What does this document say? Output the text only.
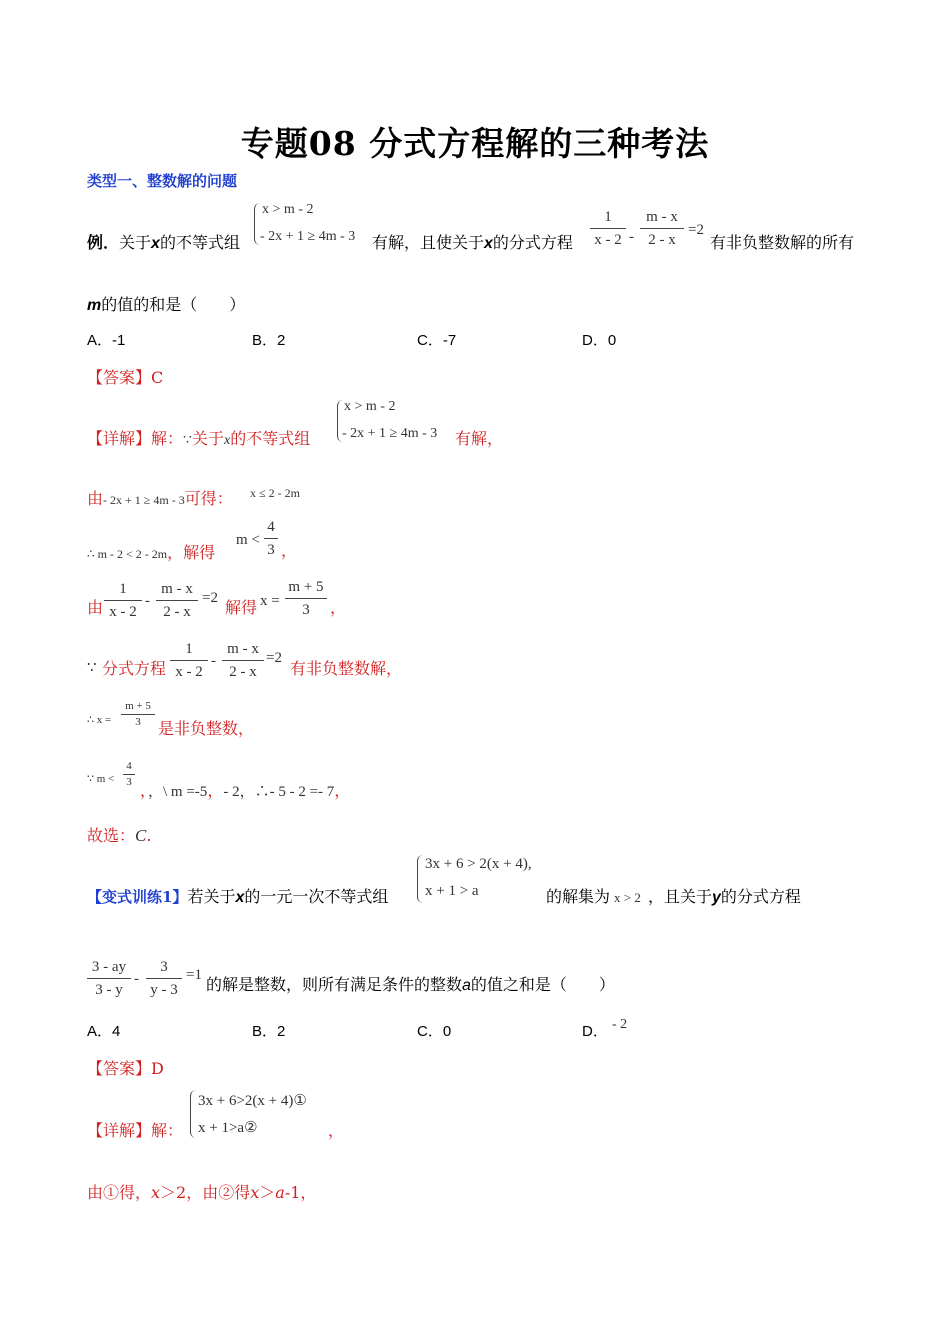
专题08 分式方程解的三种考法
类型一、整数解的问题
例．关于x的不等式组
x > m - 2
- 2x + 1 ≥ 4m - 3 有解，且使关于x的分式方程
1
x - 2 -
m - x
2 - x
=2
有非负整数解的所有
m的值的和是（　　）
A．-1	B．2	C．-7	D．0
【答案】C
【详解】解：∵关于x的不等式组
x > m - 2
- 2x + 1 ≥ 4m - 3 有解，
由- 2x + 1 ≥ 4m - 3可得： x ≤ 2 - 2m
∴ m - 2 < 2 - 2m，解得
m <
4
3 ，
由
1
x - 2
-
m - x
2 - x
=2 解得 x =
m + 5
3	，
∵ 分式方程
1
x - 2
-
m - x
2 - x
=2
有非负整数解，
∴ x =
m + 5
3	是非负整数，
∵ m <
4
3 ，，\ m =-5，- 2，∴- 5 - 2 =- 7，
故选：C.
【变式训练1】若关于x的一元一次不等式组
3x + 6 > 2(x + 4),
x + 1 > a	的解集为 x > 2 ，且关于y的分式方程
3 - ay
3 - y
-
3
y - 3
=1 的解是整数，则所有满足条件的整数a的值之和是（　　）
A．4	B．2	C．0	D． - 2
【答案】D
【详解】解：
3x + 6>2(x + 4)①
x + 1>a②	，
由①得，x＞2，由②得x＞a-1，
